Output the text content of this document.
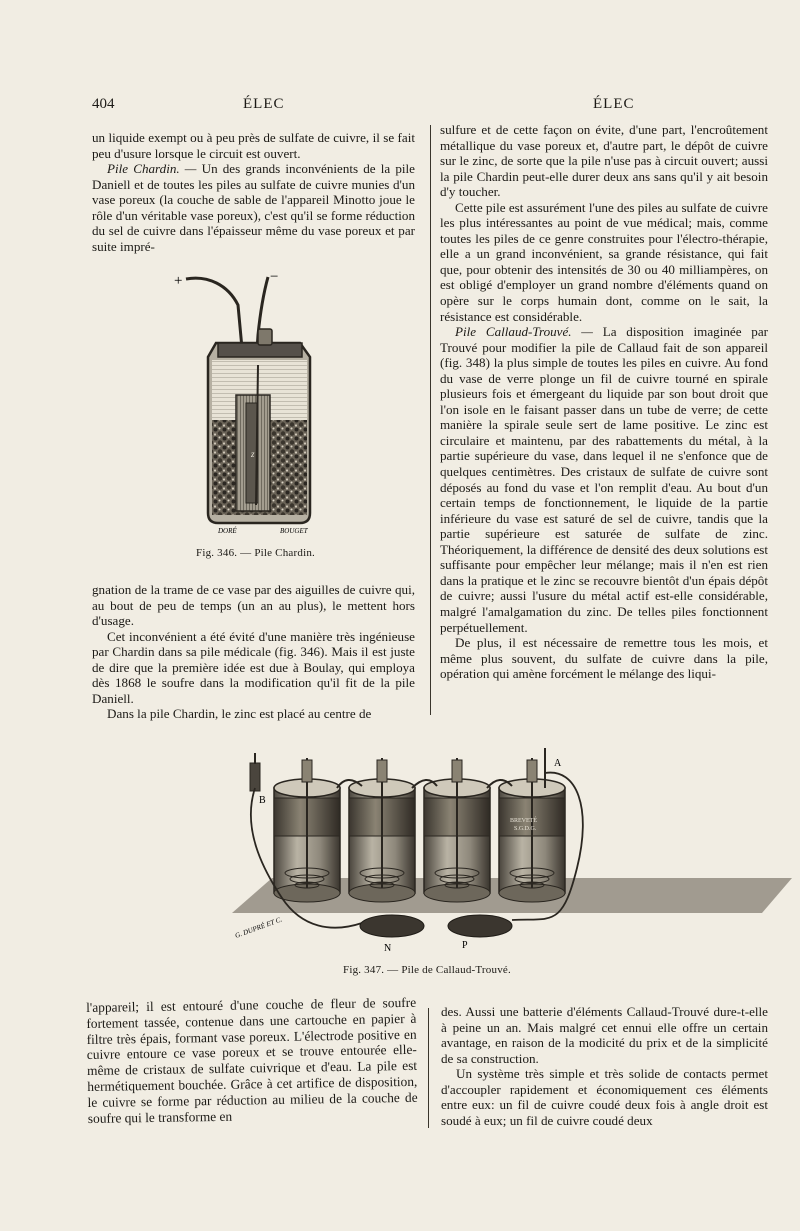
404	ÉLEC	ÉLEC

un liquide exempt ou à peu près de sulfate de cuivre, il se fait peu d'usure lorsque le circuit est ouvert.

Pile Chardin. — Un des grands inconvénients de la pile Daniell et de toutes les piles au sulfate de cuivre munies d'un vase poreux (la couche de sable de l'appareil Minotto joue le rôle d'un véritable vase poreux), c'est qu'il se forme réduction du sel de cuivre dans l'épaisseur même du vase poreux et par suite impré-

+	−
z
DORÉ	BOUGET
Fig. 346. — Pile Chardin.

gnation de la trame de ce vase par des aiguilles de cuivre qui, au bout de peu de temps (un an au plus), le mettent hors d'usage.

Cet inconvénient a été évité d'une manière très ingénieuse par Chardin dans sa pile médicale (fig. 346). Mais il est juste de dire que la première idée est due à Boulay, qui employa dès 1868 le soufre dans la modification qu'il fit de la pile Daniell.

Dans la pile Chardin, le zinc est placé au centre de

sulfure et de cette façon on évite, d'une part, l'encroûtement métallique du vase poreux et, d'autre part, le dépôt de cuivre sur le zinc, de sorte que la pile n'use pas à circuit ouvert; aussi la pile Chardin peut-elle durer deux ans sans qu'il y ait besoin d'y toucher.

Cette pile est assurément l'une des piles au sulfate de cuivre les plus intéressantes au point de vue médical; mais, comme toutes les piles de ce genre construites pour l'électro-thérapie, elle a un grand inconvénient, sa grande résistance, qui fait que, pour obtenir des intensités de 30 ou 40 milliampères, on est obligé d'employer un grand nombre d'éléments quand on opère sur le corps humain dont, comme on le sait, la résistance est considérable.

Pile Callaud-Trouvé. — La disposition imaginée par Trouvé pour modifier la pile de Callaud fait de son appareil (fig. 348) la plus simple de toutes les piles en cuivre. Au fond du vase de verre plonge un fil de cuivre tourné en spirale plusieurs fois et émergeant du liquide par son bout droit que l'on isole en le faisant passer dans un tube de verre; de cette manière la spirale seule sert de lame positive. Le zinc est circulaire et maintenu, par des rabattements du métal, à la partie supérieure du vase, dans lequel il ne s'enfonce que de quelques centimètres. Des cristaux de sulfate de cuivre sont déposés au fond du vase et l'on remplit d'eau. Au bout d'un certain temps de fonctionnement, le liquide de la partie inférieure du vase est saturé de sel de cuivre, tandis que la partie supérieure est saturée de sulfate de zinc. Théoriquement, la différence de densité des deux solutions est suffisante pour empêcher leur mélange; mais il n'en est rien dans la pratique et le zinc se recouvre bientôt d'un épais dépôt de cuivre; aussi l'usure du métal actif est-elle considérable, malgré l'amalgamation du zinc. De telles piles fonctionnent perpétuellement.

De plus, il est nécessaire de remettre tous les mois, et même plus souvent, du sulfate de cuivre dans la pile, opération qui amène forcément le mélange des liqui-

B
A
N	P
G. DUPRÉ ET C.
BREVETÉ
S.G.D.G.
Fig. 347. — Pile de Callaud-Trouvé.

l'appareil; il est entouré d'une couche de fleur de soufre fortement tassée, contenue dans une cartouche en papier à filtre très épais, formant vase poreux. L'électrode positive en cuivre entoure ce vase poreux et se trouve entourée elle-même de cristaux de sulfate cuivrique et d'eau. La pile est hermétiquement bouchée. Grâce à cet artifice de disposition, le cuivre se forme par réduction au milieu de la couche de soufre qui le transforme en

des. Aussi une batterie d'éléments Callaud-Trouvé dure-t-elle à peine un an. Mais malgré cet ennui elle offre un certain avantage, en raison de la modicité du prix et de la simplicité de sa construction.

Un système très simple et très solide de contacts permet d'accoupler rapidement et économiquement ces éléments entre eux: un fil de cuivre coudé deux fois à angle droit est soudé à eux; un fil de cuivre coudé deux
